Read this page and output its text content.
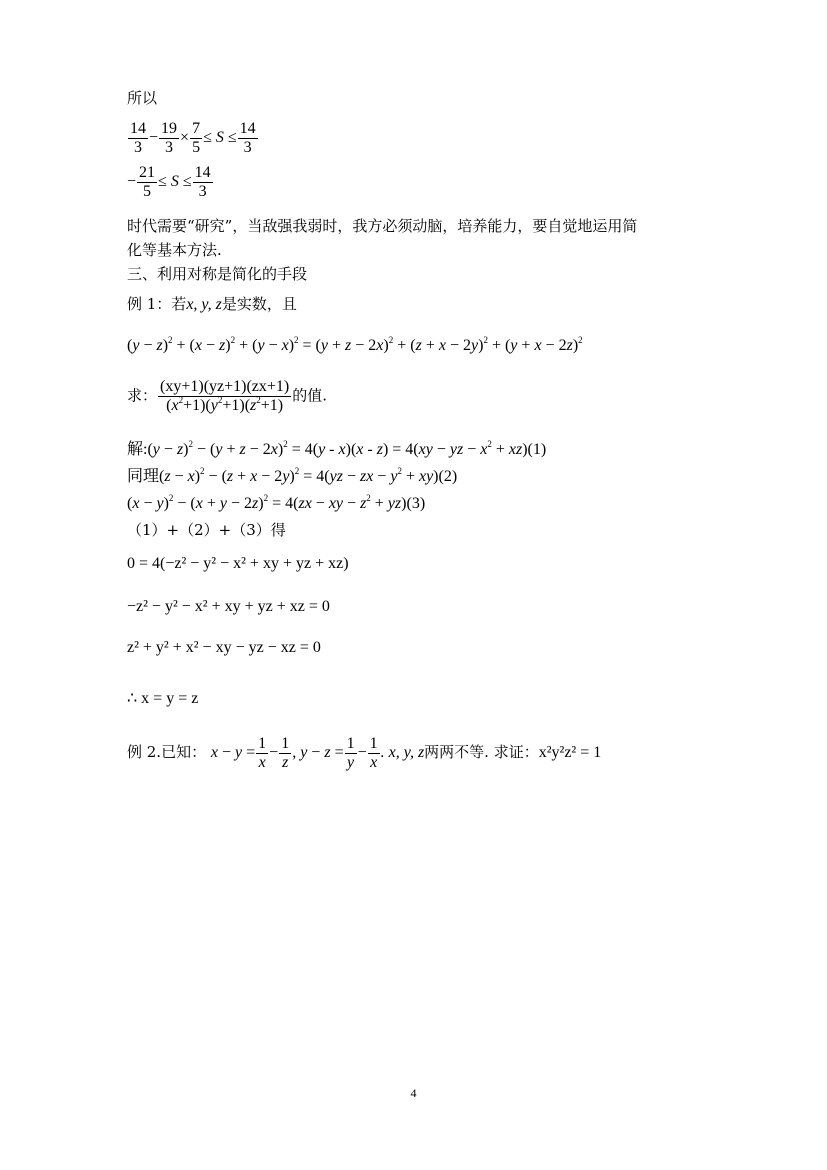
所以
$\frac{14}{3} - \frac{19}{3} \times \frac{7}{5} \le S \le \frac{14}{3}$
− $\frac{21}{5} \le S \le \frac{14}{3}$
时代需要“研究”，当敌强我弱时，我方必须动脑，培养能力，要自觉地运用简
化等基本方法.
三、利用对称是简化的手段
例 1：若x, y, z是实数，且
$(y - z)^2 + (x - z)^2 + (y - x)^2 = (y + z - 2x)^2 + (z + x - 2y)^2 + (y + x - 2z)^2$
求： $\frac{(xy+1)(yz+1)(zx+1)}{(x^2+1)(y^2+1)(z^2+1)}$ 的值.
解:(y − $z)^2 - (y + z - 2x)^2 = 4(y - x)(x - z) = 4(xy$ − yz − $x^2 + xz)(1)$
同理$(z - x)^2 - (z + x - 2y)^2 = 4(yz$ − zx − $y^2 + xy)(2)$
$(x - y)^2 - (x + y - 2z)^2 = 4(zx$ − xy − $z^2 + yz)(3)$
（1）+（2）+（3）得
0 = 4(−z² − y² − x² + xy + yz + xz)
−z² − y² − x² + xy + yz + xz = 0
z² + y² + x² − xy − yz − xz = 0
∴ x = y = z
例 2.已知： $x - y = \frac{1}{x} - \frac{1}{z}$ , $y - z = \frac{1}{y} - \frac{1}{x}$ . x, y, z两两不等. 求证：x²y²z² = 1
4
